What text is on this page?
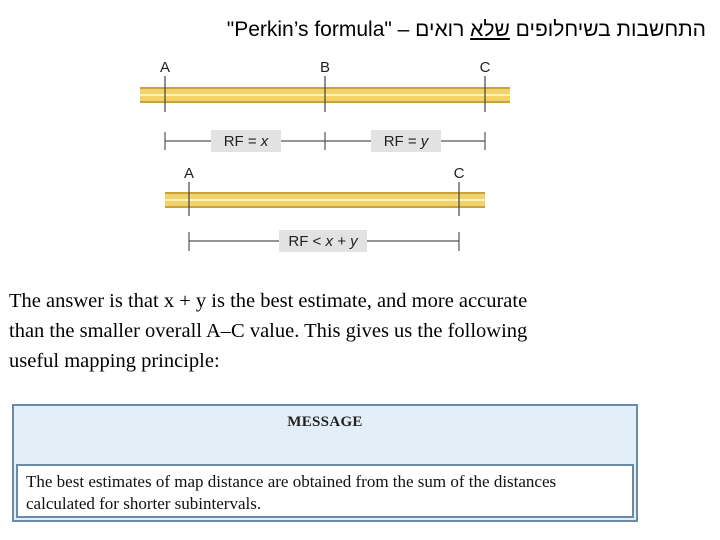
התחשבות בשיחלופים שלא רואים – "Perkin’s formula"
A	B	C
RF = x	RF = y
A	C
RF < x + y

The answer is that x + y is the best estimate, and more accurate

than the smaller overall A–C value. This gives us the following

useful mapping principle:

MESSAGE
The best estimates of map distance are obtained from the sum of the distances calculated for shorter subintervals.
